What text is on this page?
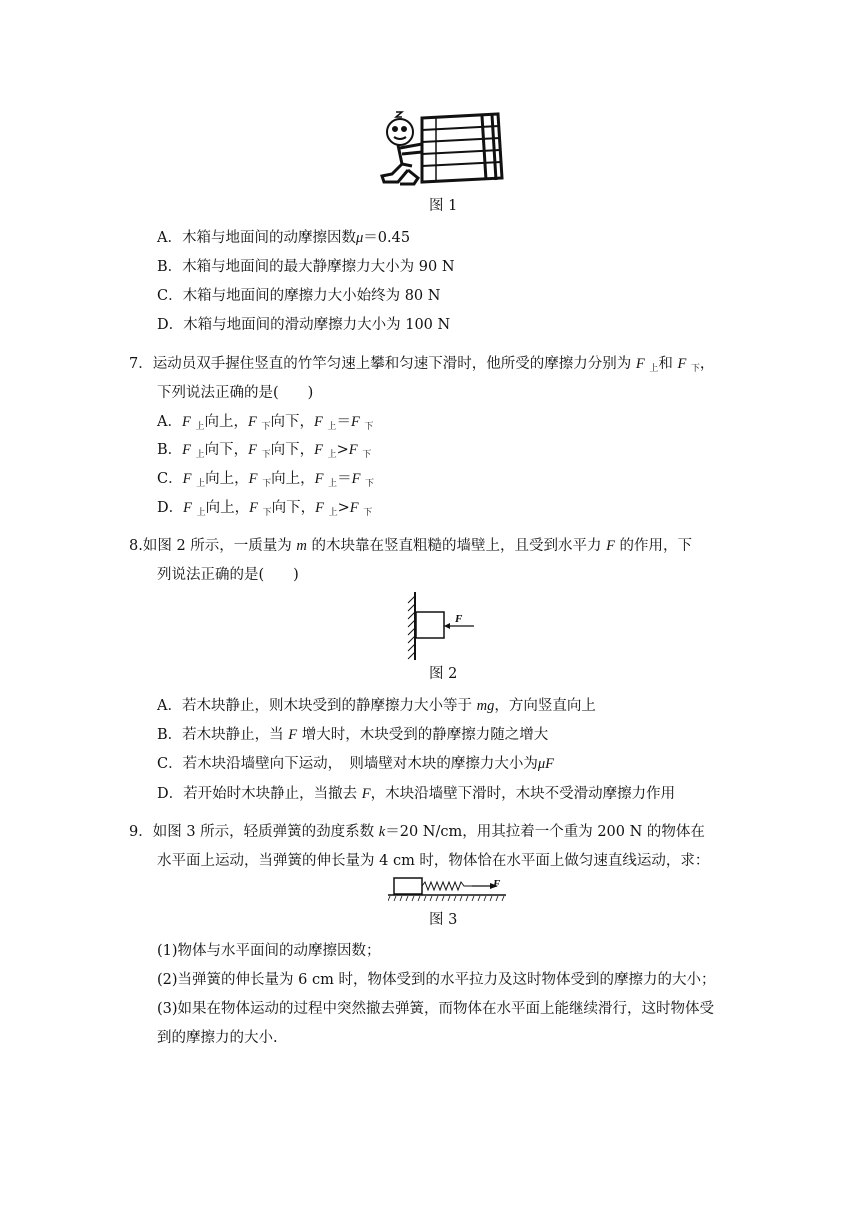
图 1
A．木箱与地面间的动摩擦因数μ＝0.45
B．木箱与地面间的最大静摩擦力大小为 90 N
C．木箱与地面间的摩擦力大小始终为 80 N
D．木箱与地面间的滑动摩擦力大小为 100 N
7．运动员双手握住竖直的竹竿匀速上攀和匀速下滑时，他所受的摩擦力分别为 F $_上$和 F $_下$，
下列说法正确的是(　　)
A．F $_上$向上，F $_下$向下，F $_上$＝F $_下$
B．F $_上$向下，F $_下$向下，F $_上$>F $_下$
C．F $_上$向上，F $_下$向上，F $_上$＝F $_下$
D．F $_上$向上，F $_下$向下，F $_上$>F $_下$
8.如图 2 所示，一质量为 m 的木块靠在竖直粗糙的墙壁上，且受到水平力 F 的作用，下
列说法正确的是(　　)
F
图 2
A．若木块静止，则木块受到的静摩擦力大小等于 mg，方向竖直向上
B．若木块静止，当 F 增大时，木块受到的静摩擦力随之增大
C．若木块沿墙壁向下运动，　则墙壁对木块的摩擦力大小为μF
D．若开始时木块静止，当撤去 F，木块沿墙壁下滑时，木块不受滑动摩擦力作用
9．如图 3 所示，轻质弹簧的劲度系数 k＝20 N/cm，用其拉着一个重为 200 N 的物体在
水平面上运动，当弹簧的伸长量为 4 cm 时，物体恰在水平面上做匀速直线运动，求：
F
图 3
(1)物体与水平面间的动摩擦因数；
(2)当弹簧的伸长量为 6 cm 时，物体受到的水平拉力及这时物体受到的摩擦力的大小；
(3)如果在物体运动的过程中突然撤去弹簧，而物体在水平面上能继续滑行，这时物体受
到的摩擦力的大小.
